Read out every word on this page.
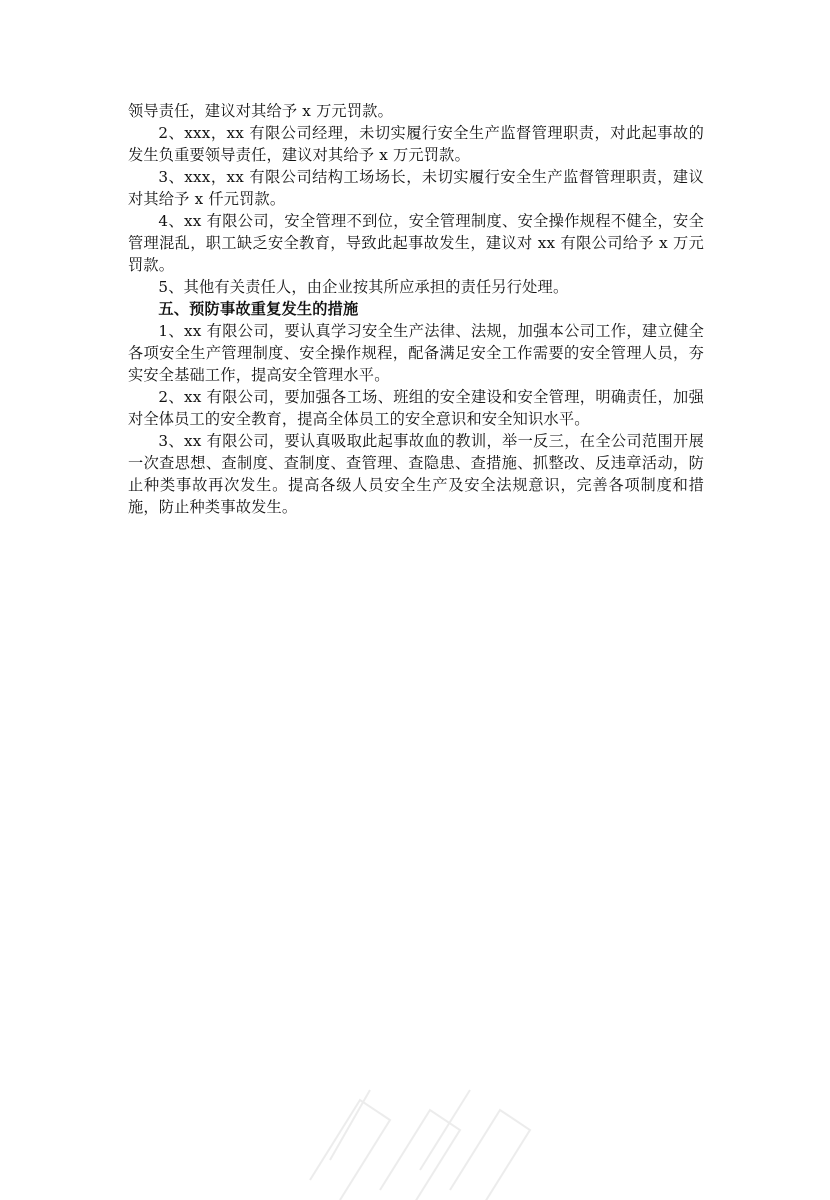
领导责任，建议对其给予 x 万元罚款。

2、xxx，xx 有限公司经理，未切实履行安全生产监督管理职责，对此起事故的发生负重要领导责任，建议对其给予 x 万元罚款。

3、xxx，xx 有限公司结构工场场长，未切实履行安全生产监督管理职责，建议对其给予 x 仟元罚款。

4、xx 有限公司，安全管理不到位，安全管理制度、安全操作规程不健全，安全管理混乱，职工缺乏安全教育，导致此起事故发生，建议对 xx 有限公司给予 x 万元罚款。

5、其他有关责任人，由企业按其所应承担的责任另行处理。

五、预防事故重复发生的措施

1、xx 有限公司，要认真学习安全生产法律、法规，加强本公司工作，建立健全各项安全生产管理制度、安全操作规程，配备满足安全工作需要的安全管理人员，夯实安全基础工作，提高安全管理水平。

2、xx 有限公司，要加强各工场、班组的安全建设和安全管理，明确责任，加强对全体员工的安全教育，提高全体员工的安全意识和安全知识水平。

3、xx 有限公司，要认真吸取此起事故血的教训，举一反三，在全公司范围开展一次查思想、查制度、查制度、查管理、查隐患、查措施、抓整改、反违章活动，防止种类事故再次发生。提高各级人员安全生产及安全法规意识，完善各项制度和措施，防止种类事故发生。
